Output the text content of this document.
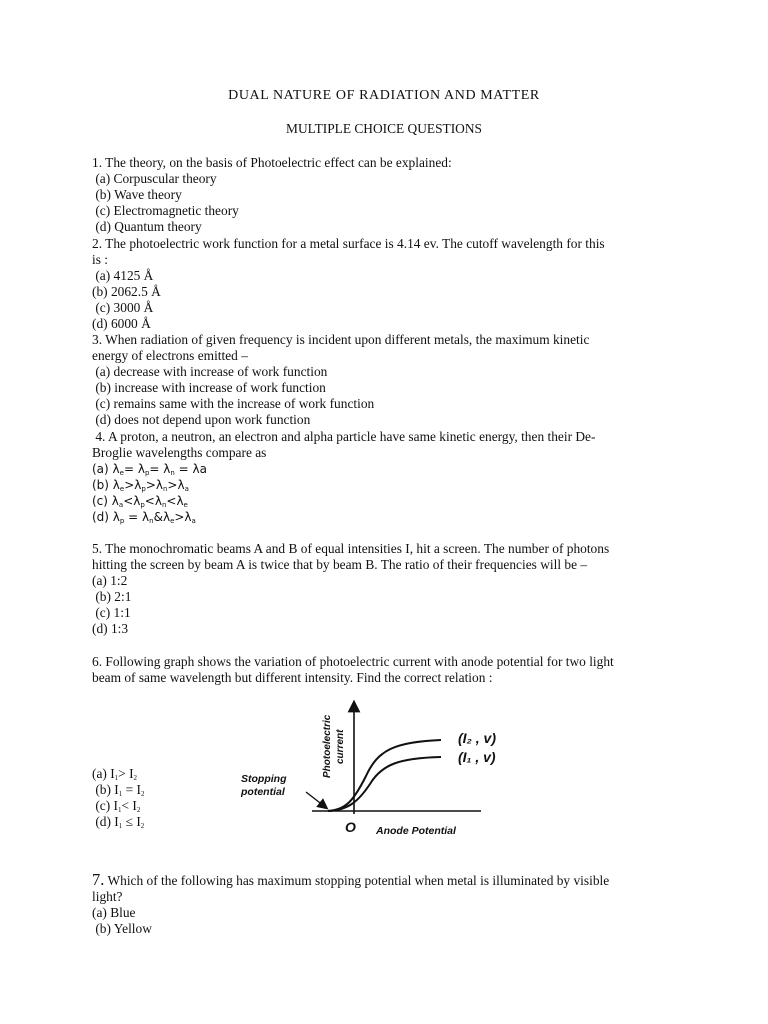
DUAL NATURE OF RADIATION AND MATTER
MULTIPLE CHOICE QUESTIONS
1. The theory, on the basis of Photoelectric effect can be explained:
(a) Corpuscular theory
(b) Wave theory
(c) Electromagnetic theory
(d) Quantum theory
2. The photoelectric work function for a metal surface is 4.14 ev. The cutoff wavelength for this
is :
(a) 4125 Å
(b) 2062.5 Å
(c) 3000 Å
(d) 6000 Å
3. When radiation of given frequency is incident upon different metals, the maximum kinetic
energy of electrons emitted –
(a) decrease with increase of work function
(b) increase with increase of work function
(c) remains same with the increase of work function
(d) does not depend upon work function
4. A proton, a neutron, an electron and alpha particle have same kinetic energy, then their De-
Broglie wavelengths compare as
(a) $\lambda_e= \lambda_p= \lambda_n = \lambda a$
(b) $\lambda_e>\lambda_p>\lambda_n>\lambda_a$
(c) $\lambda_a<\lambda_p<\lambda_n<\lambda_e$
(d) $\lambda_p$ = $\lambda_n\&\lambda_e>\lambda_a$
5. The monochromatic beams A and B of equal intensities I, hit a screen. The number of photons
hitting the screen by beam A is twice that by beam B. The ratio of their frequencies will be –
(a) 1:2
(b) 2:1
(c) 1:1
(d) 1:3
6. Following graph shows the variation of photoelectric current with anode potential for two light
beam of same wavelength but different intensity. Find the correct relation :
(a) $I_1> I_2$
(b) $I_1 = I_2$
(c) $I_1< I_2$
(d) $I_1 \le I_2$
Photoelectric current	(I₂ , v)
(I₁ , v)
Stopping
potential
O Anode Potential
7. Which of the following has maximum stopping potential when metal is illuminated by visible
light?
(a) Blue
(b) Yellow
